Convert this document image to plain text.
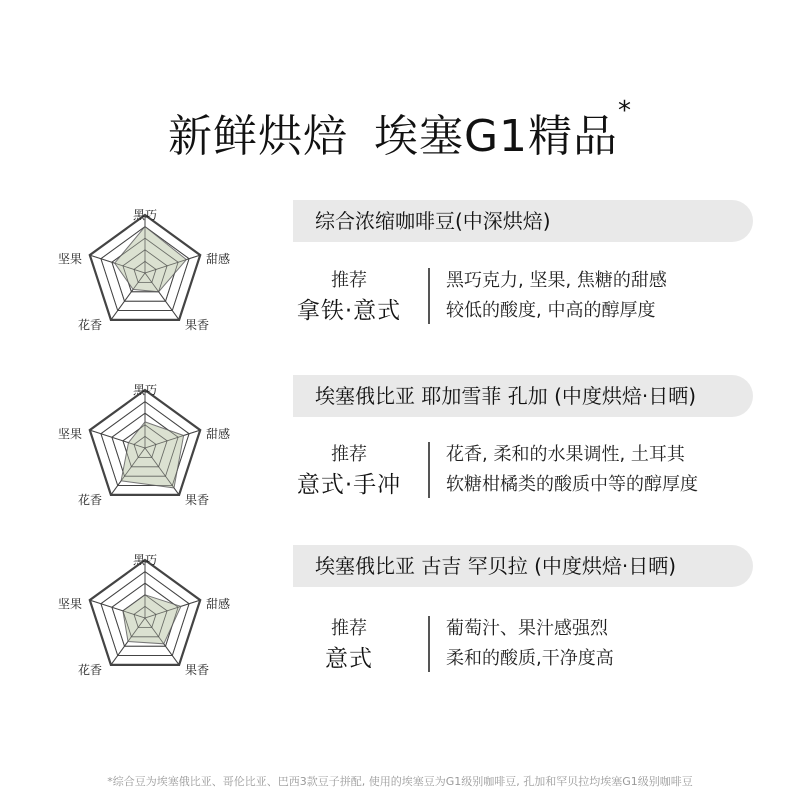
新鲜烘焙 埃塞G1精品*
黑巧
甜感
果香
花香
坚果
综合浓缩咖啡豆(中深烘焙)
推荐
拿铁·意式
黑巧克力, 坚果, 焦糖的甜感
较低的酸度, 中高的醇厚度
黑巧
甜感
果香
花香
坚果
埃塞俄比亚 耶加雪菲 孔加 (中度烘焙·日晒)
推荐
意式·手冲
花香, 柔和的水果调性, 土耳其
软糖柑橘类的酸质中等的醇厚度
黑巧
甜感
果香
花香
坚果
埃塞俄比亚 古吉 罕贝拉 (中度烘焙·日晒)
推荐
意式
葡萄汁、果汁感强烈
柔和的酸质,干净度高
*综合豆为埃塞俄比亚、哥伦比亚、巴西3款豆子拼配, 使用的埃塞豆为G1级别咖啡豆, 孔加和罕贝拉均埃塞G1级别咖啡豆
